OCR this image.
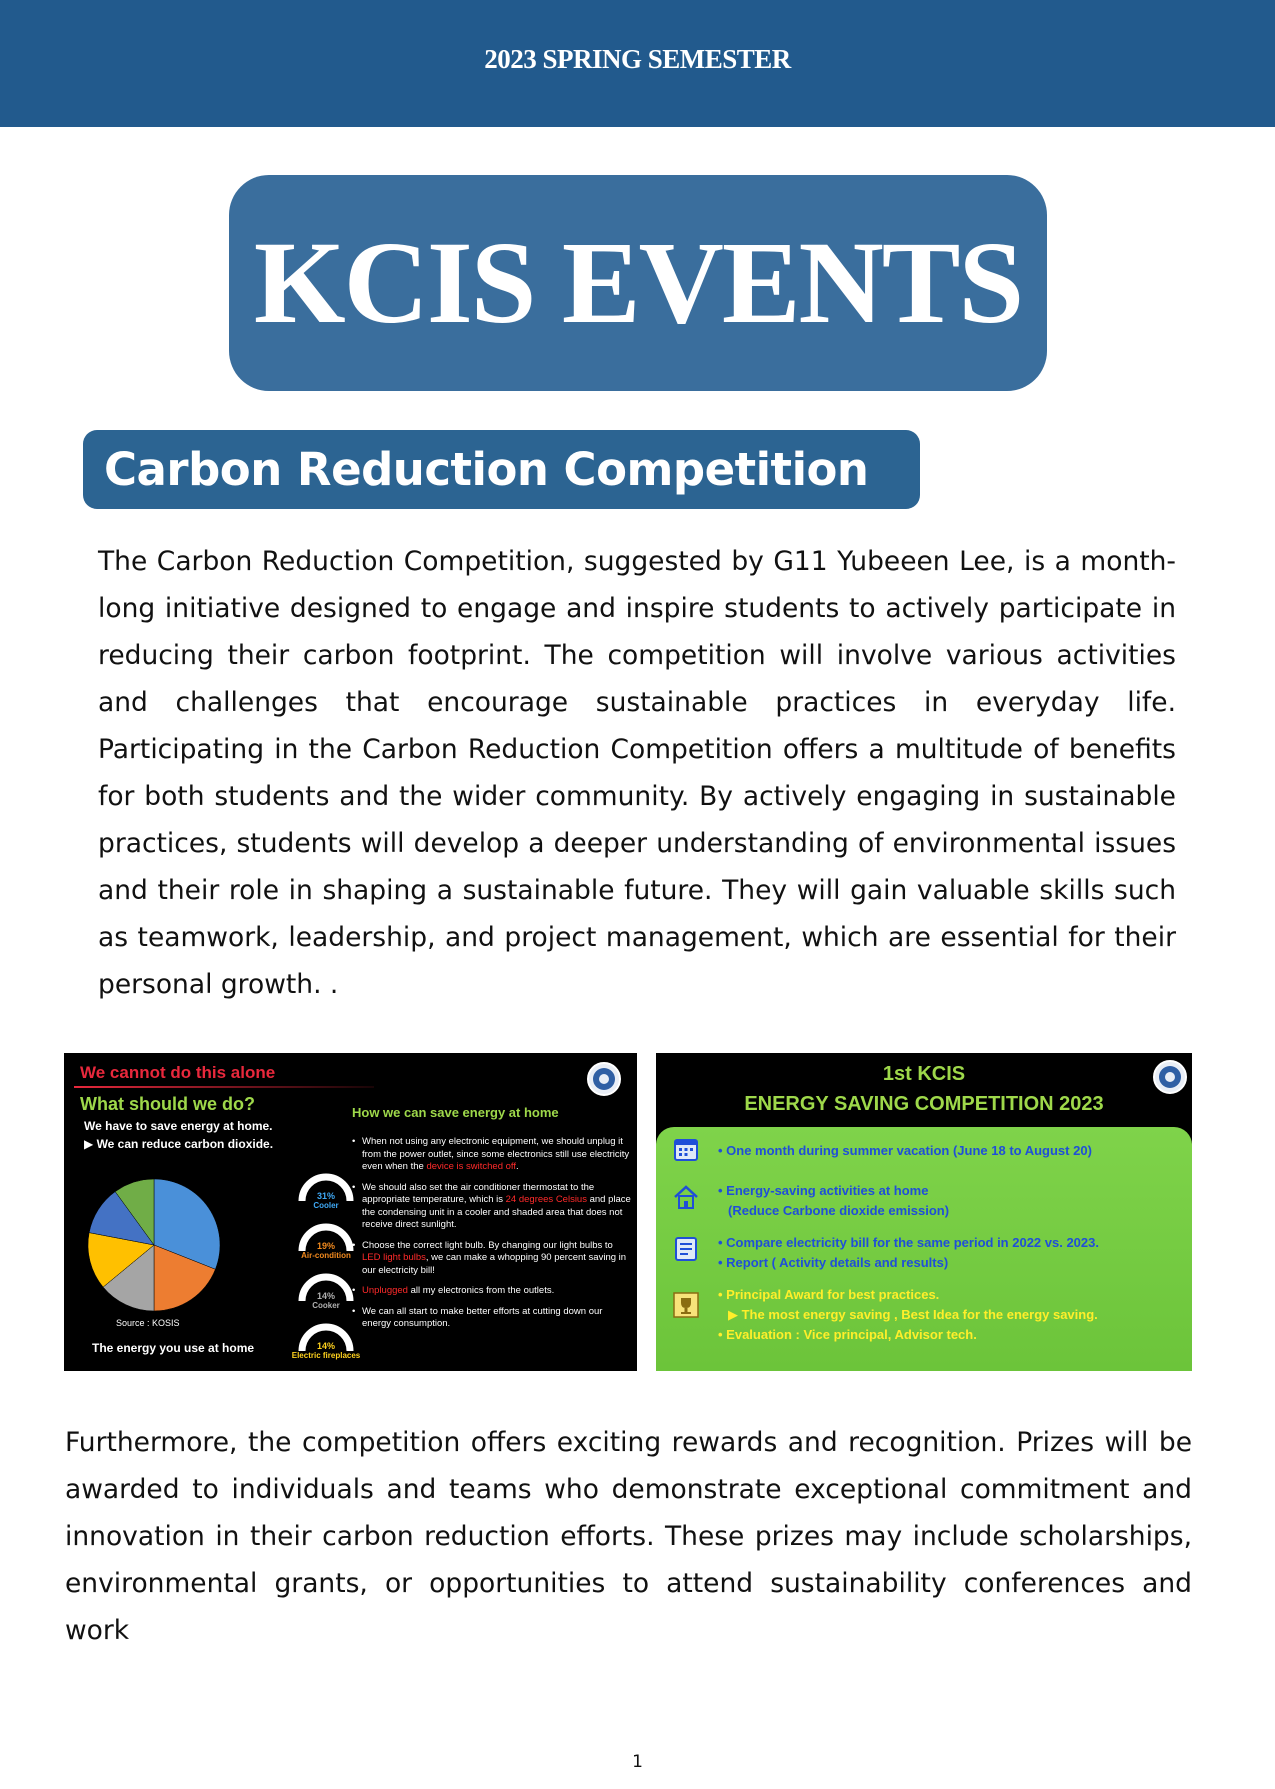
2023 SPRING SEMESTER
KCIS EVENTS
Carbon Reduction Competition

The Carbon Reduction Competition, suggested by G11 Yubeeen Lee, is a month-long initiative designed to engage and inspire students to actively participate in reducing their carbon footprint. The competition will involve various activities and challenges that encourage sustainable practices in everyday life. Participating in the Carbon Reduction Competition offers a multitude of benefits for both students and the wider community. By actively engaging in sustainable practices, students will develop a deeper understanding of environmental issues and their role in shaping a sustainable future. They will gain valuable skills such as teamwork, leadership, and project management, which are essential for their personal growth. .

We cannot do this alone
What should we do?
We have to save energy at home.
▶ We can reduce carbon dioxide.
31%
Cooler
19%
Air-condition
14%
Cooker
14%
Electric fireplaces
How we can save energy at home
• When not using any electronic equipment, we should unplug it from the power outlet, since some electronics still use electricity even when the device is switched off.
• We should also set the air conditioner thermostat to the appropriate temperature, which is 24 degrees Celsius and place the condensing unit in a cooler and shaded area that does not receive direct sunlight.
• Choose the correct light bulb. By changing our light bulbs to LED light bulbs, we can make a whopping 90 percent saving in our electricity bill!
• Unplugged all my electronics from the outlets.
• We can all start to make better efforts at cutting down our energy consumption.
Source : KOSIS
The energy you use at home
1st KCIS
ENERGY SAVING COMPETITION 2023
• One month during summer vacation (June 18 to August 20)
• Energy-saving activities at home
(Reduce Carbone dioxide emission)
• Compare electricity bill for the same period in 2022 vs. 2023.
• Report ( Activity details and results)
• Principal Award for best practices.
▶ The most energy saving , Best Idea for the energy saving.
• Evaluation : Vice principal, Advisor tech.

Furthermore, the competition offers exciting rewards and recognition. Prizes will be awarded to individuals and teams who demonstrate exceptional commitment and innovation in their carbon reduction efforts. These prizes may include scholarships, environmental grants, or opportunities to attend sustainability conferences and work

1
